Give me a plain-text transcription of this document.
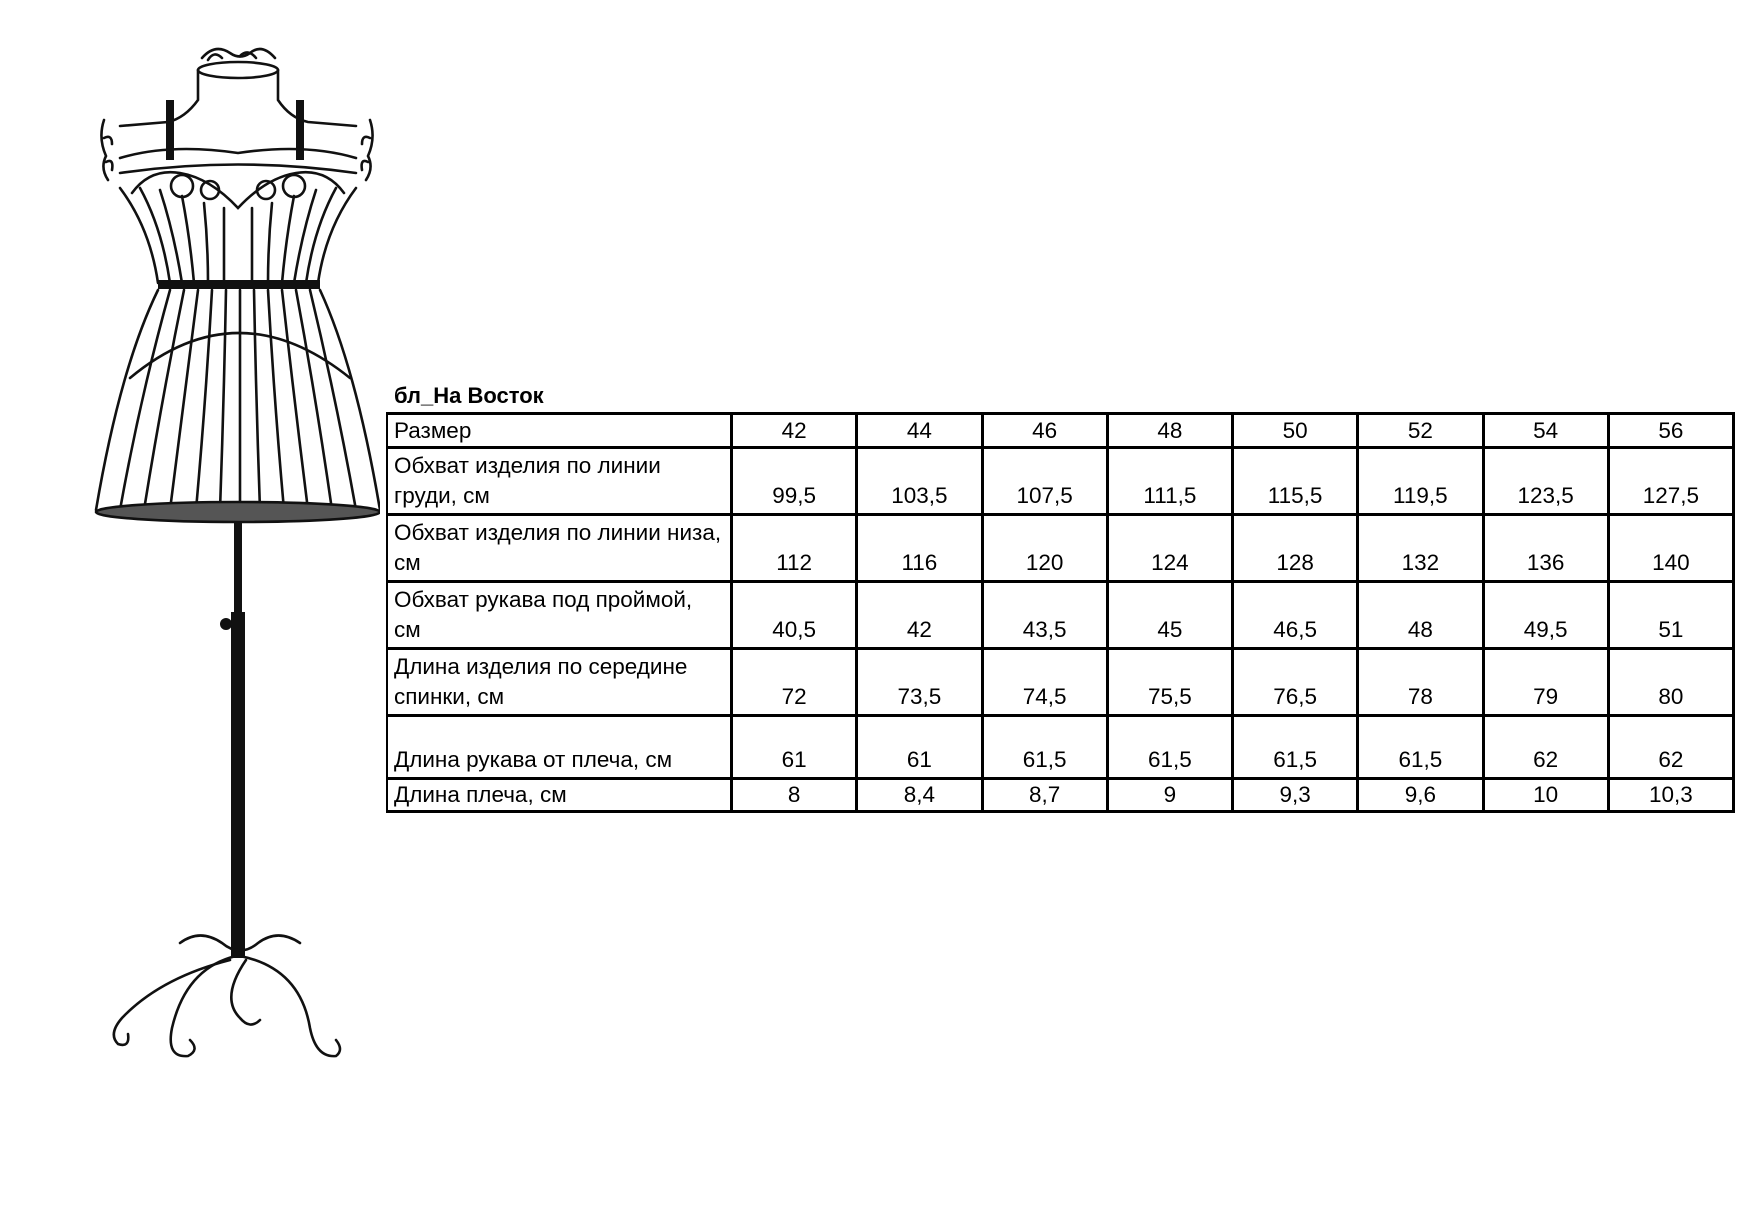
бл_На Восток
Размер	42	44	46	48	50	52	54	56
Обхват изделия по линии груди, см	99,5	103,5	107,5	111,5	115,5	119,5	123,5	127,5
Обхват изделия по линии низа, см	112	116	120	124	128	132	136	140
Обхват рукава под проймой, см	40,5	42	43,5	45	46,5	48	49,5	51
Длина изделия по середине спинки, см	72	73,5	74,5	75,5	76,5	78	79	80
Длина рукава от плеча, см	61	61	61,5	61,5	61,5	61,5	62	62
Длина плеча, см	8	8,4	8,7	9	9,3	9,6	10	10,3
